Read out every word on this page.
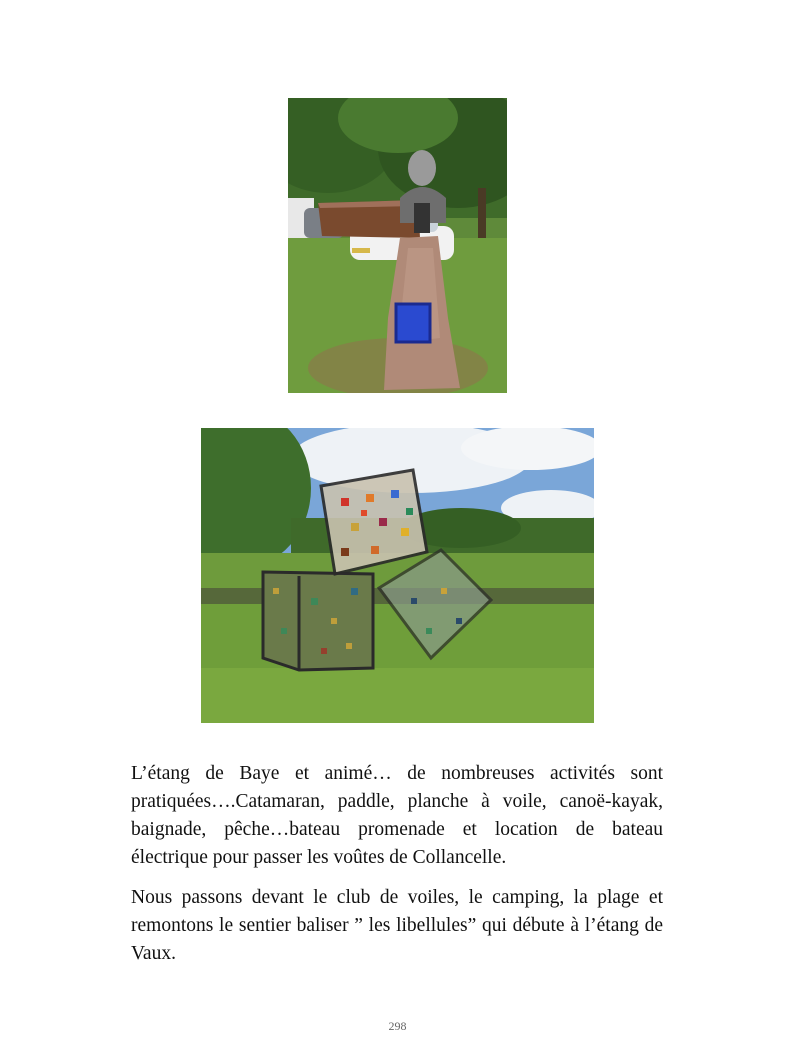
L’étang de Baye et animé… de nombreuses activités sont pratiquées….Catamaran, paddle, planche à voile, canoë-kayak, baignade, pêche…bateau promenade et location de bateau électrique pour passer les voûtes de Collancelle.

Nous passons devant le club de voiles, le camping, la plage et remontons le sentier baliser ” les libellules” qui débute à l’étang de Vaux.

298
